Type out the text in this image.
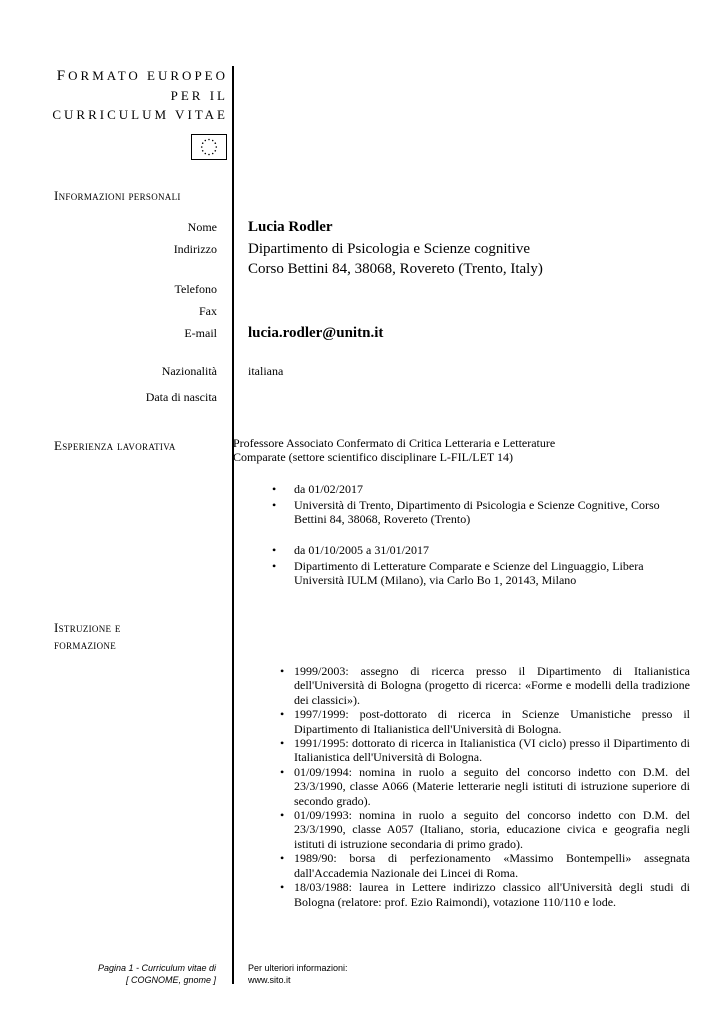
FORMATO EUROPEO
PER IL
CURRICULUM VITAE
Informazioni personali
Nome Lucia Rodler
Indirizzo Dipartimento di Psicologia e Scienze cognitive
Corso Bettini 84, 38068, Rovereto (Trento, Italy)
Telefono
Fax
E-mail lucia.rodler@unitn.it
Nazionalità	italiana
Data di nascita
Esperienza lavorativa	Professore Associato Confermato di Critica Letteraria e Letterature
Comparate (settore scientifico disciplinare L-FIL/LET 14)
• da 01/02/2017
• Università di Trento, Dipartimento di Psicologia e Scienze Cognitive, Corso Bettini 84, 38068, Rovereto (Trento)
• da 01/10/2005 a 31/01/2017
• Dipartimento di Letterature Comparate e Scienze del Linguaggio, Libera Università IULM (Milano), via Carlo Bo 1, 20143, Milano
Istruzione e
formazione
• 1999/2003: assegno di ricerca presso il Dipartimento di Italianistica dell'Università di Bologna (progetto di ricerca: «Forme e modelli della tradizione dei classici»).
• 1997/1999: post-dottorato di ricerca in Scienze Umanistiche presso il Dipartimento di Italianistica dell'Università di Bologna.
• 1991/1995: dottorato di ricerca in Italianistica (VI ciclo) presso il Dipartimento di Italianistica dell'Università di Bologna.
• 01/09/1994: nomina in ruolo a seguito del concorso indetto con D.M. del 23/3/1990, classe A066 (Materie letterarie negli istituti di istruzione superiore di secondo grado).
• 01/09/1993: nomina in ruolo a seguito del concorso indetto con D.M. del 23/3/1990, classe A057 (Italiano, storia, educazione civica e geografia negli istituti di istruzione secondaria di primo grado).
• 1989/90: borsa di perfezionamento «Massimo Bontempelli» assegnata dall'Accademia Nazionale dei Lincei di Roma.
• 18/03/1988: laurea in Lettere indirizzo classico all'Università degli studi di Bologna (relatore: prof. Ezio Raimondi), votazione 110/110 e lode.
Pagina 1 - Curriculum vitae di
[ COGNOME, gnome ]
Per ulteriori informazioni:
www.sito.it
